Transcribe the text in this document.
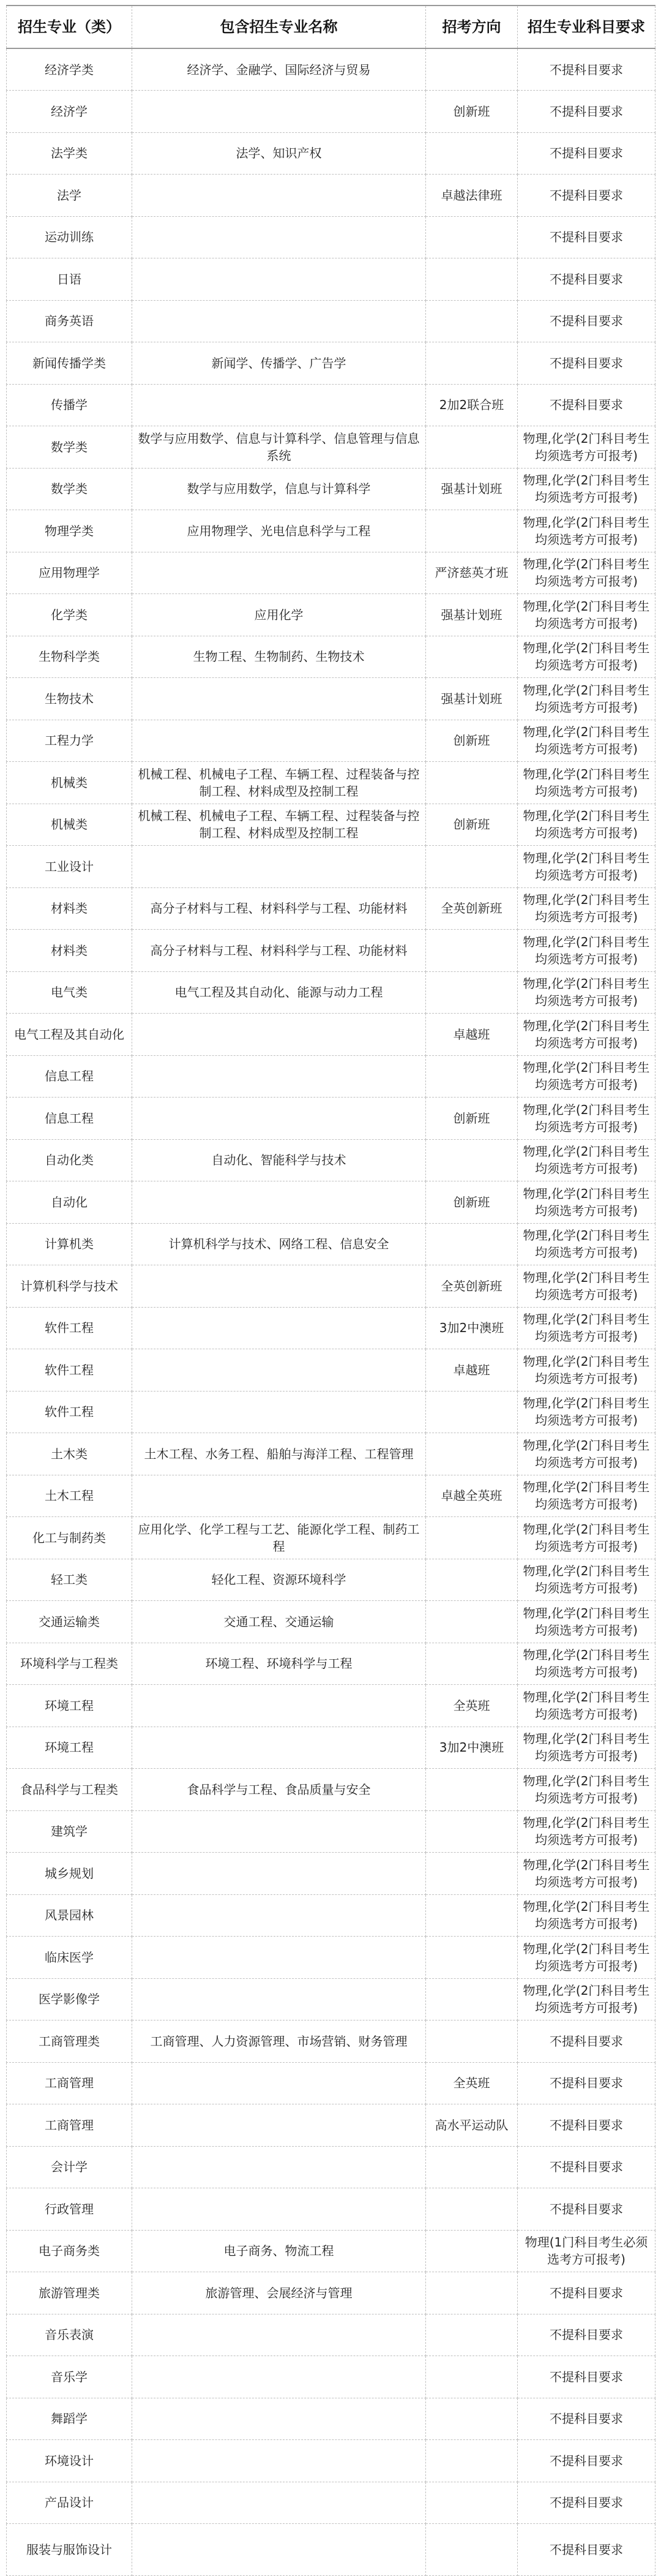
招生专业（类）	包含招生专业名称	招考方向	招生专业科目要求
经济学类	经济学、金融学、国际经济与贸易		不提科目要求
经济学		创新班	不提科目要求
法学类	法学、知识产权		不提科目要求
法学		卓越法律班	不提科目要求
运动训练			不提科目要求
日语			不提科目要求
商务英语			不提科目要求
新闻传播学类	新闻学、传播学、广告学		不提科目要求
传播学		2加2联合班	不提科目要求
数学类	数学与应用数学、信息与计算科学、信息管理与信息系统		物理,化学(2门科目考生均须选考方可报考)
数学类	数学与应用数学，信息与计算科学	强基计划班	物理,化学(2门科目考生均须选考方可报考)
物理学类	应用物理学、光电信息科学与工程		物理,化学(2门科目考生均须选考方可报考)
应用物理学		严济慈英才班	物理,化学(2门科目考生均须选考方可报考)
化学类	应用化学	强基计划班	物理,化学(2门科目考生均须选考方可报考)
生物科学类	生物工程、生物制药、生物技术		物理,化学(2门科目考生均须选考方可报考)
生物技术		强基计划班	物理,化学(2门科目考生均须选考方可报考)
工程力学		创新班	物理,化学(2门科目考生均须选考方可报考)
机械类	机械工程、机械电子工程、车辆工程、过程装备与控制工程、材料成型及控制工程		物理,化学(2门科目考生均须选考方可报考)
机械类	机械工程、机械电子工程、车辆工程、过程装备与控制工程、材料成型及控制工程	创新班	物理,化学(2门科目考生均须选考方可报考)
工业设计			物理,化学(2门科目考生均须选考方可报考)
材料类	高分子材料与工程、材料科学与工程、功能材料	全英创新班	物理,化学(2门科目考生均须选考方可报考)
材料类	高分子材料与工程、材料科学与工程、功能材料		物理,化学(2门科目考生均须选考方可报考)
电气类	电气工程及其自动化、能源与动力工程		物理,化学(2门科目考生均须选考方可报考)
电气工程及其自动化		卓越班	物理,化学(2门科目考生均须选考方可报考)
信息工程			物理,化学(2门科目考生均须选考方可报考)
信息工程		创新班	物理,化学(2门科目考生均须选考方可报考)
自动化类	自动化、智能科学与技术		物理,化学(2门科目考生均须选考方可报考)
自动化		创新班	物理,化学(2门科目考生均须选考方可报考)
计算机类	计算机科学与技术、网络工程、信息安全		物理,化学(2门科目考生均须选考方可报考)
计算机科学与技术		全英创新班	物理,化学(2门科目考生均须选考方可报考)
软件工程		3加2中澳班	物理,化学(2门科目考生均须选考方可报考)
软件工程		卓越班	物理,化学(2门科目考生均须选考方可报考)
软件工程			物理,化学(2门科目考生均须选考方可报考)
土木类	土木工程、水务工程、船舶与海洋工程、工程管理		物理,化学(2门科目考生均须选考方可报考)
土木工程		卓越全英班	物理,化学(2门科目考生均须选考方可报考)
化工与制药类	应用化学、化学工程与工艺、能源化学工程、制药工程		物理,化学(2门科目考生均须选考方可报考)
轻工类	轻化工程、资源环境科学		物理,化学(2门科目考生均须选考方可报考)
交通运输类	交通工程、交通运输		物理,化学(2门科目考生均须选考方可报考)
环境科学与工程类	环境工程、环境科学与工程		物理,化学(2门科目考生均须选考方可报考)
环境工程		全英班	物理,化学(2门科目考生均须选考方可报考)
环境工程		3加2中澳班	物理,化学(2门科目考生均须选考方可报考)
食品科学与工程类	食品科学与工程、食品质量与安全		物理,化学(2门科目考生均须选考方可报考)
建筑学			物理,化学(2门科目考生均须选考方可报考)
城乡规划			物理,化学(2门科目考生均须选考方可报考)
风景园林			物理,化学(2门科目考生均须选考方可报考)
临床医学			物理,化学(2门科目考生均须选考方可报考)
医学影像学			物理,化学(2门科目考生均须选考方可报考)
工商管理类	工商管理、人力资源管理、市场营销、财务管理		不提科目要求
工商管理		全英班	不提科目要求
工商管理		高水平运动队	不提科目要求
会计学			不提科目要求
行政管理			不提科目要求
电子商务类	电子商务、物流工程		物理(1门科目考生必须选考方可报考)
旅游管理类	旅游管理、会展经济与管理		不提科目要求
音乐表演			不提科目要求
音乐学			不提科目要求
舞蹈学			不提科目要求
环境设计			不提科目要求
产品设计			不提科目要求
服装与服饰设计			不提科目要求
